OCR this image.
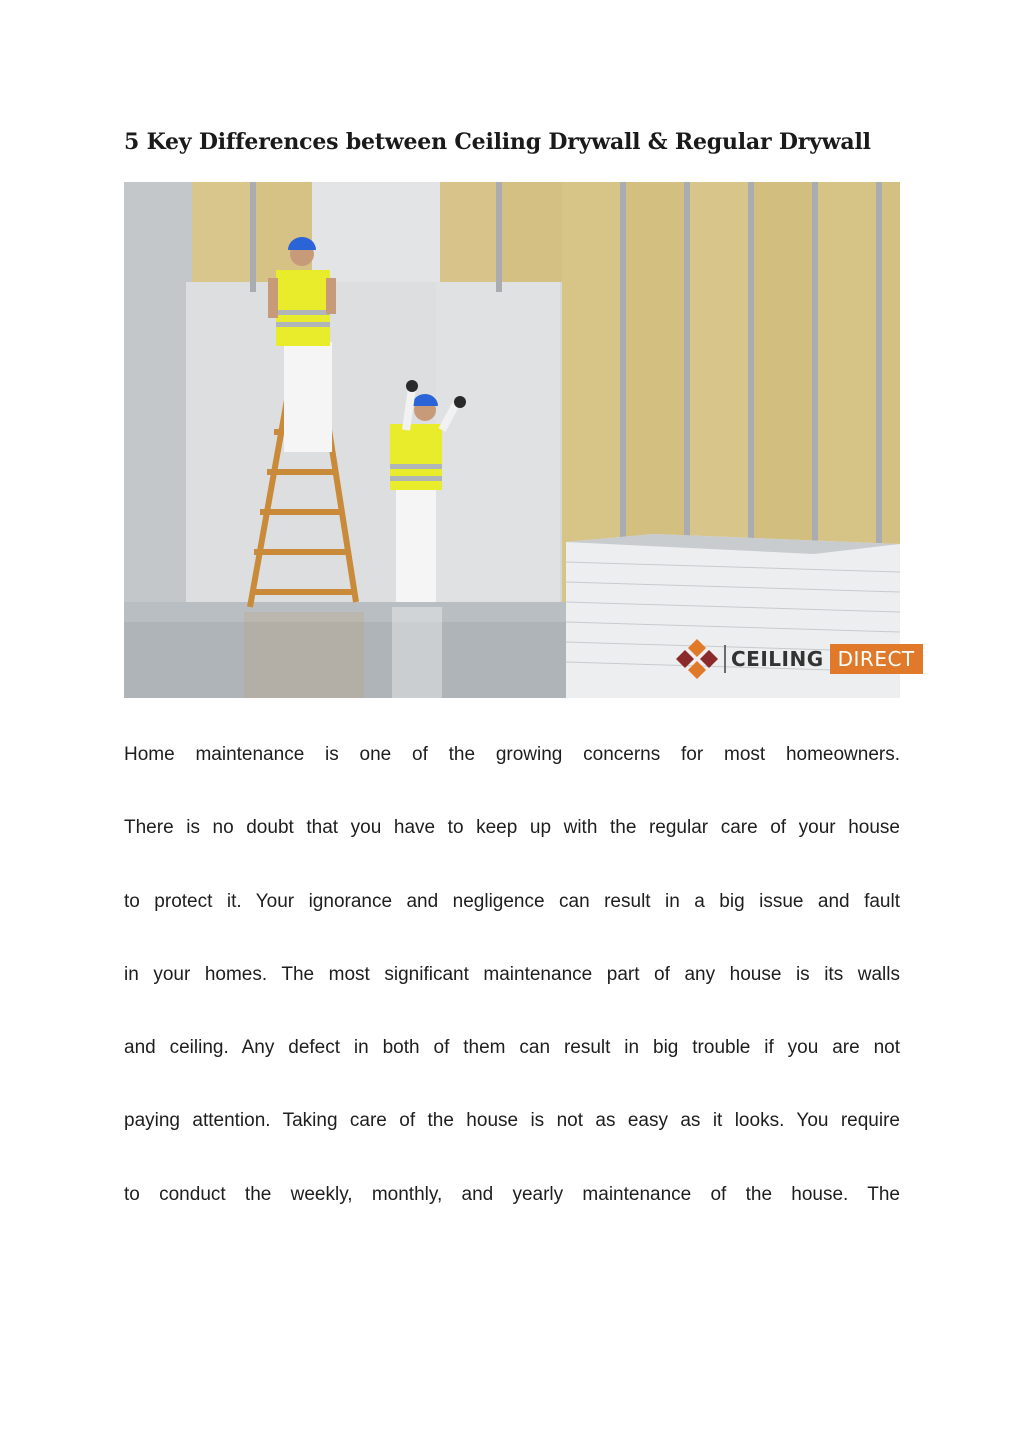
5 Key Differences between Ceiling Drywall & Regular Drywall
CEILING DIRECT
Home maintenance is one of the growing concerns for most homeowners.
There is no doubt that you have to keep up with the regular care of your house
to protect it. Your ignorance and negligence can result in a big issue and fault
in your homes. The most significant maintenance part of any house is its walls
and ceiling. Any defect in both of them can result in big trouble if you are not
paying attention. Taking care of the house is not as easy as it looks. You require
to conduct the weekly, monthly, and yearly maintenance of the house. The
